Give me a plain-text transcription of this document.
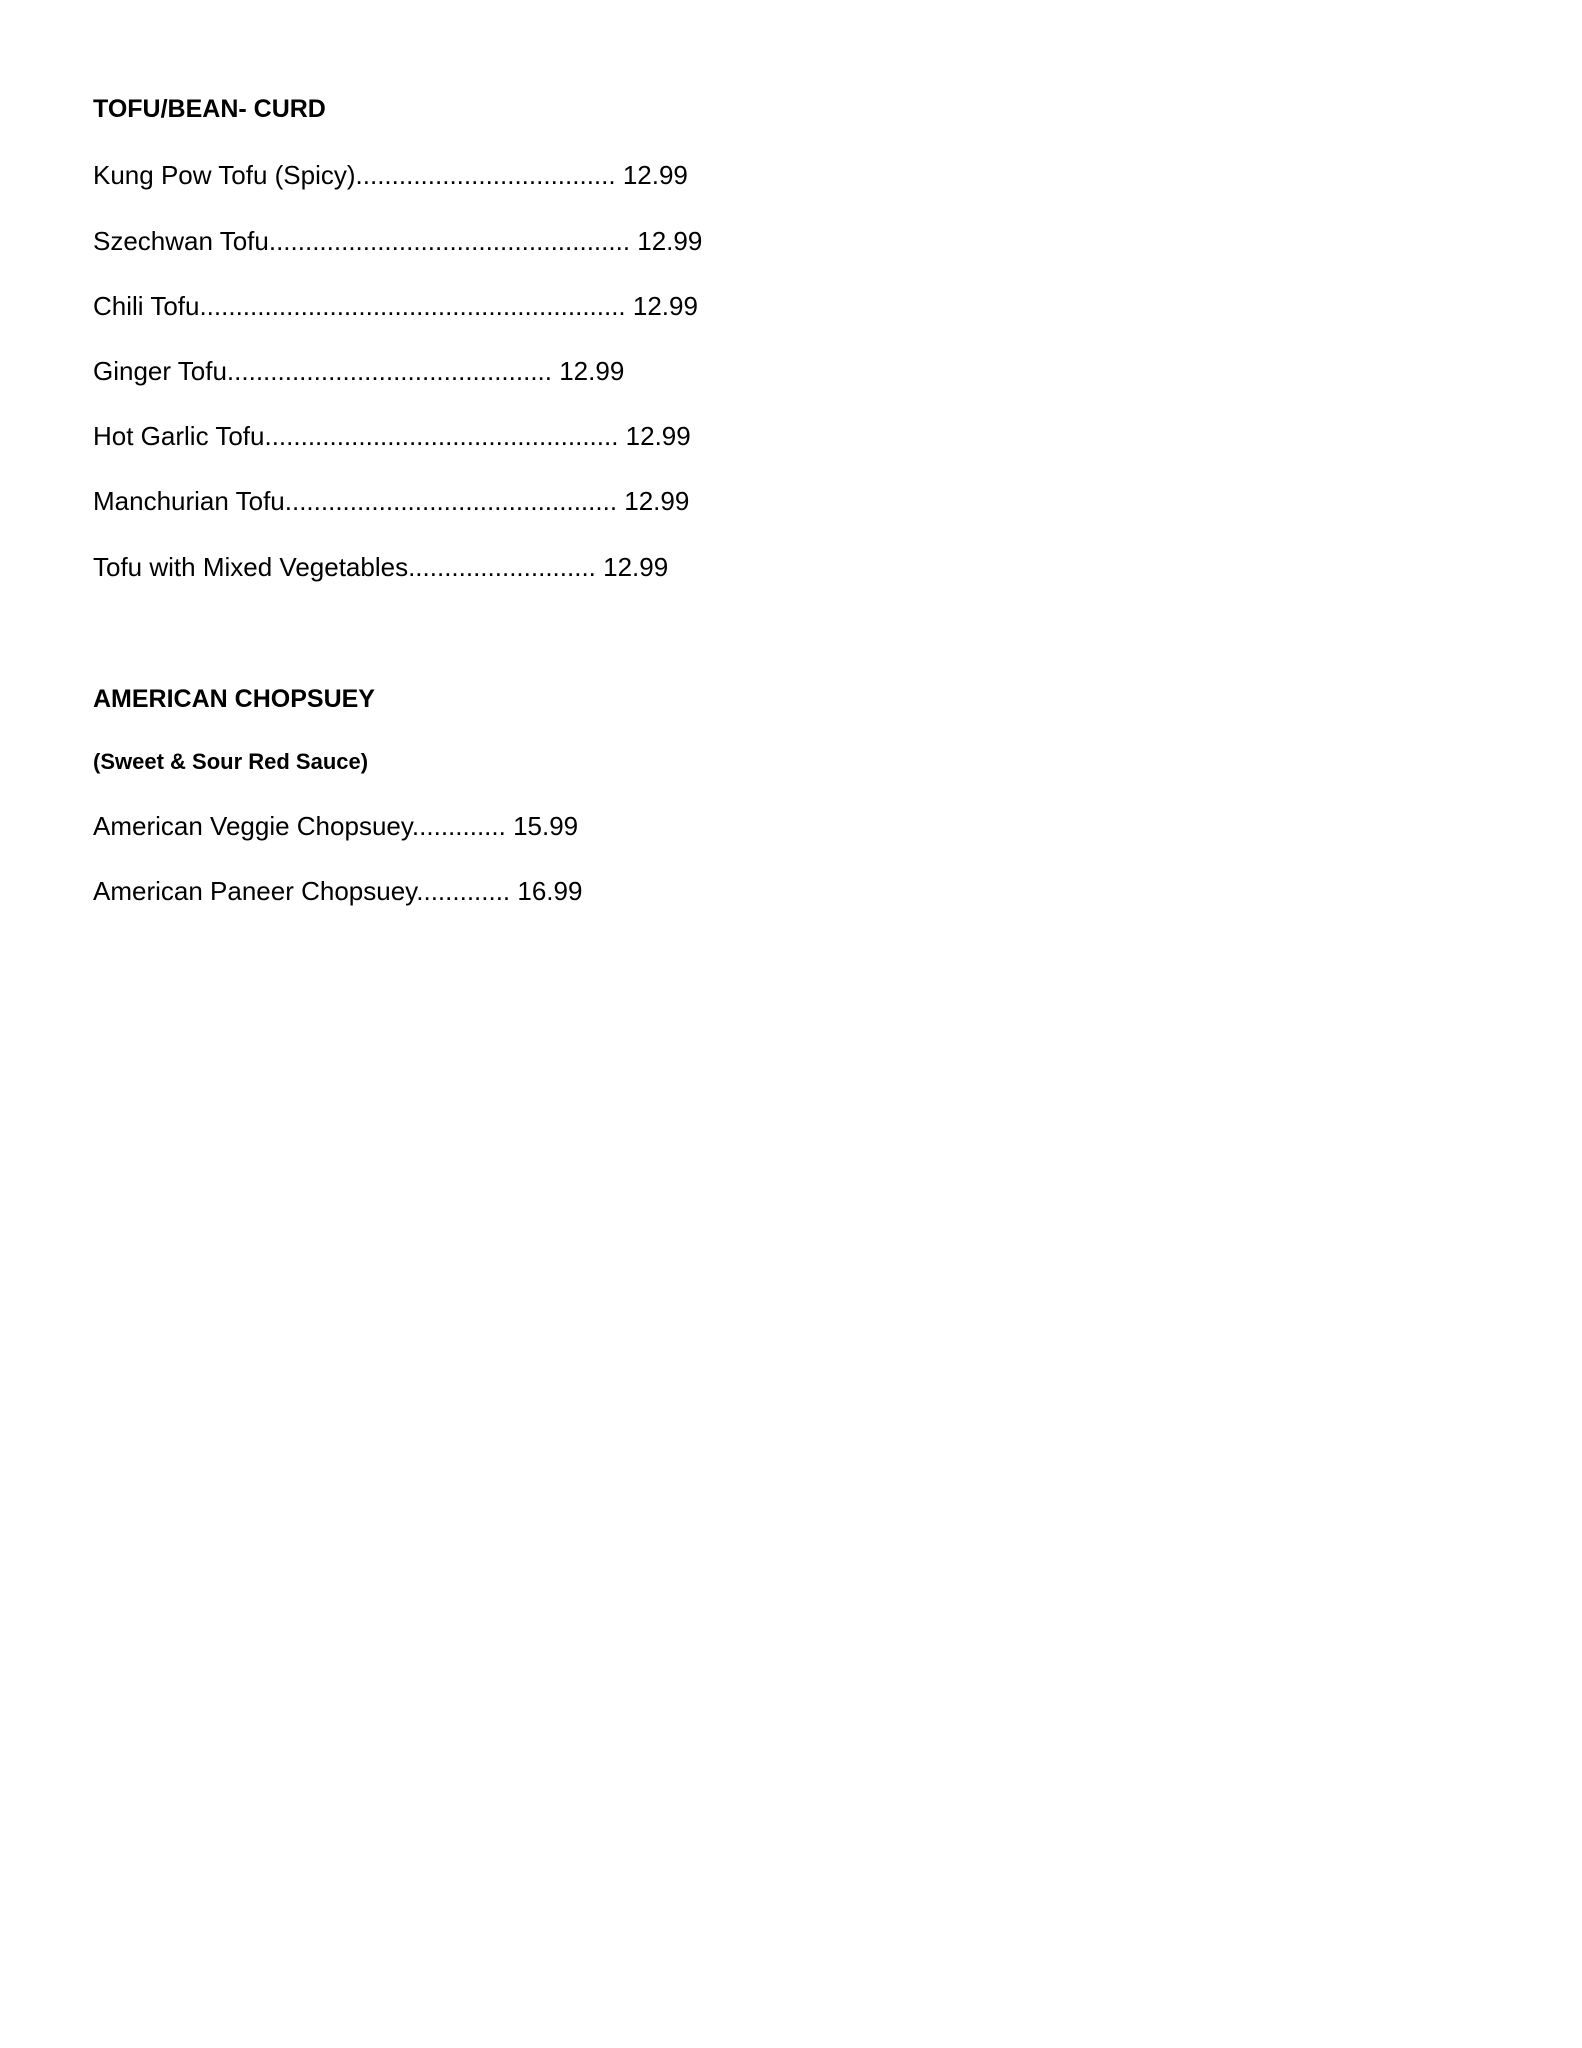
TOFU/BEAN- CURD
Kung Pow Tofu (Spicy).................................... 12.99
Szechwan Tofu.................................................. 12.99
Chili Tofu........................................................... 12.99
Ginger Tofu............................................. 12.99
Hot Garlic Tofu................................................. 12.99
Manchurian Tofu.............................................. 12.99
Tofu with Mixed Vegetables.......................... 12.99
AMERICAN CHOPSUEY
(Sweet & Sour Red Sauce)
American Veggie Chopsuey............. 15.99
American Paneer Chopsuey............. 16.99
